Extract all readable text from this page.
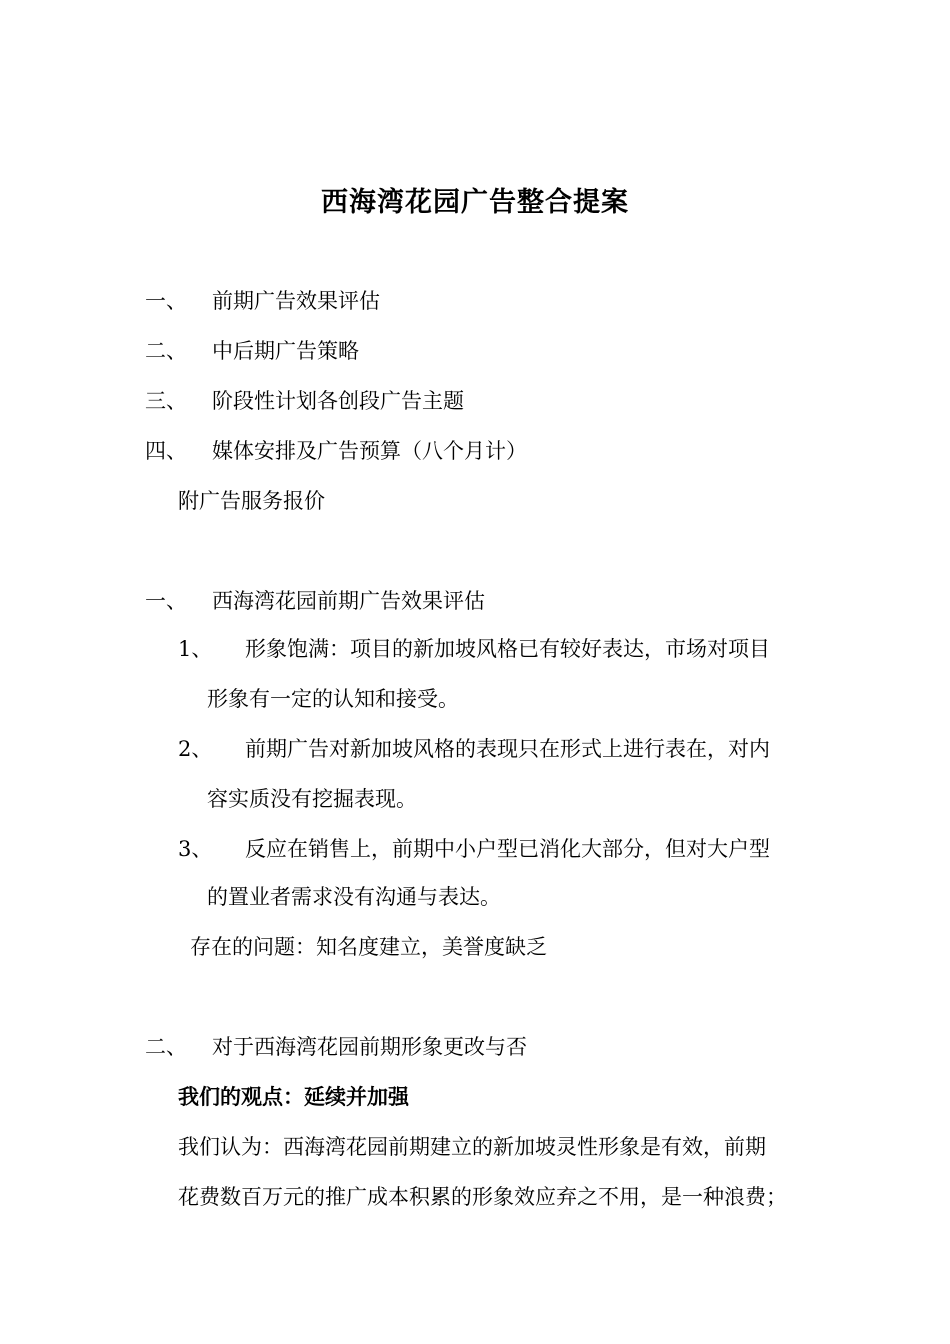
西海湾花园广告整合提案
一、 前期广告效果评估
二、 中后期广告策略
三、 阶段性计划各创段广告主题
四、 媒体安排及广告预算（八个月计）
附广告服务报价
一、 西海湾花园前期广告效果评估
1、 形象饱满：项目的新加坡风格已有较好表达，市场对项目
形象有一定的认知和接受。
2、 前期广告对新加坡风格的表现只在形式上进行表在，对内
容实质没有挖掘表现。
3、 反应在销售上，前期中小户型已消化大部分，但对大户型
的置业者需求没有沟通与表达。
存在的问题：知名度建立，美誉度缺乏
二、 对于西海湾花园前期形象更改与否
我们的观点：延续并加强
我们认为：西海湾花园前期建立的新加坡灵性形象是有效，前期
花费数百万元的推广成本积累的形象效应弃之不用，是一种浪费；
